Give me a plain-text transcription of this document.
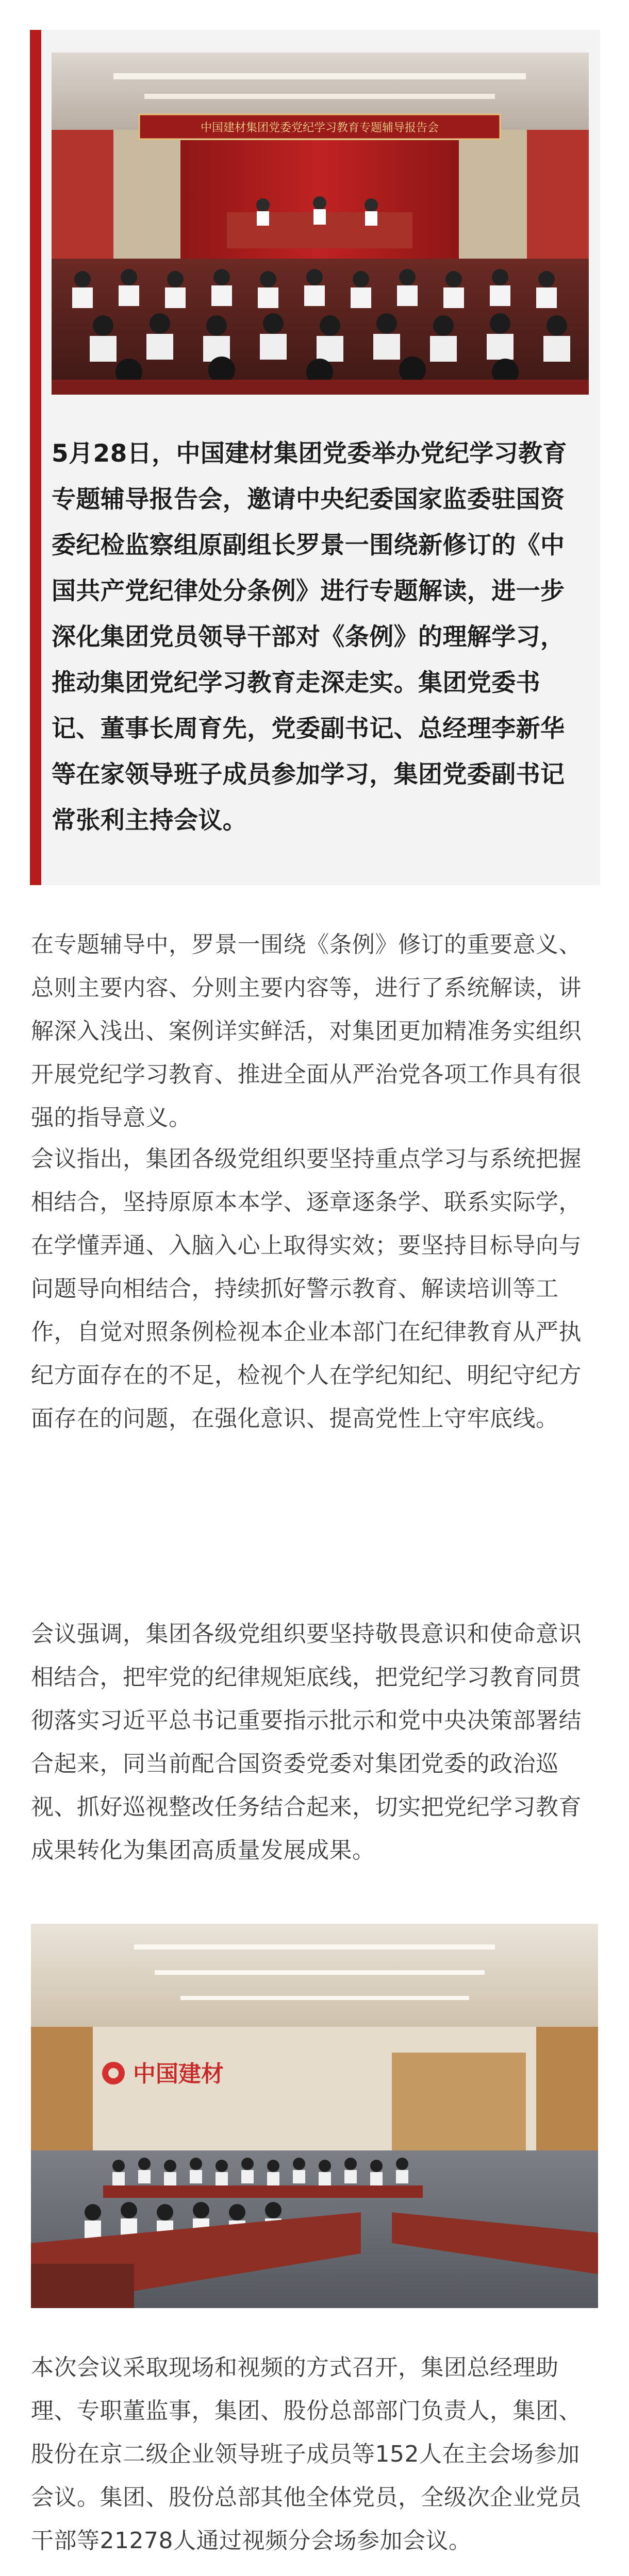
中国建材集团党委党纪学习教育专题辅导报告会

5月28日，中国建材集团党委举办党纪学习教育专题辅导报告会，邀请中央纪委国家监委驻国资委纪检监察组原副组长罗景一围绕新修订的《中国共产党纪律处分条例》进行专题解读，进一步深化集团党员领导干部对《条例》的理解学习，推动集团党纪学习教育走深走实。集团党委书记、董事长周育先，党委副书记、总经理李新华等在家领导班子成员参加学习，集团党委副书记常张利主持会议。

在专题辅导中，罗景一围绕《条例》修订的重要意义、总则主要内容、分则主要内容等，进行了系统解读，讲解深入浅出、案例详实鲜活，对集团更加精准务实组织开展党纪学习教育、推进全面从严治党各项工作具有很强的指导意义。

会议指出，集团各级党组织要坚持重点学习与系统把握相结合，坚持原原本本学、逐章逐条学、联系实际学，在学懂弄通、入脑入心上取得实效；要坚持目标导向与问题导向相结合，持续抓好警示教育、解读培训等工作，自觉对照条例检视本企业本部门在纪律教育从严执纪方面存在的不足，检视个人在学纪知纪、明纪守纪方面存在的问题，在强化意识、提高党性上守牢底线。

会议强调，集团各级党组织要坚持敬畏意识和使命意识相结合，把牢党的纪律规矩底线，把党纪学习教育同贯彻落实习近平总书记重要指示批示和党中央决策部署结合起来，同当前配合国资委党委对集团党委的政治巡视、抓好巡视整改任务结合起来，切实把党纪学习教育成果转化为集团高质量发展成果。

中国建材

本次会议采取现场和视频的方式召开，集团总经理助理、专职董监事，集团、股份总部部门负责人，集团、股份在京二级企业领导班子成员等152人在主会场参加会议。集团、股份总部其他全体党员，全级次企业党员干部等21278人通过视频分会场参加会议。
